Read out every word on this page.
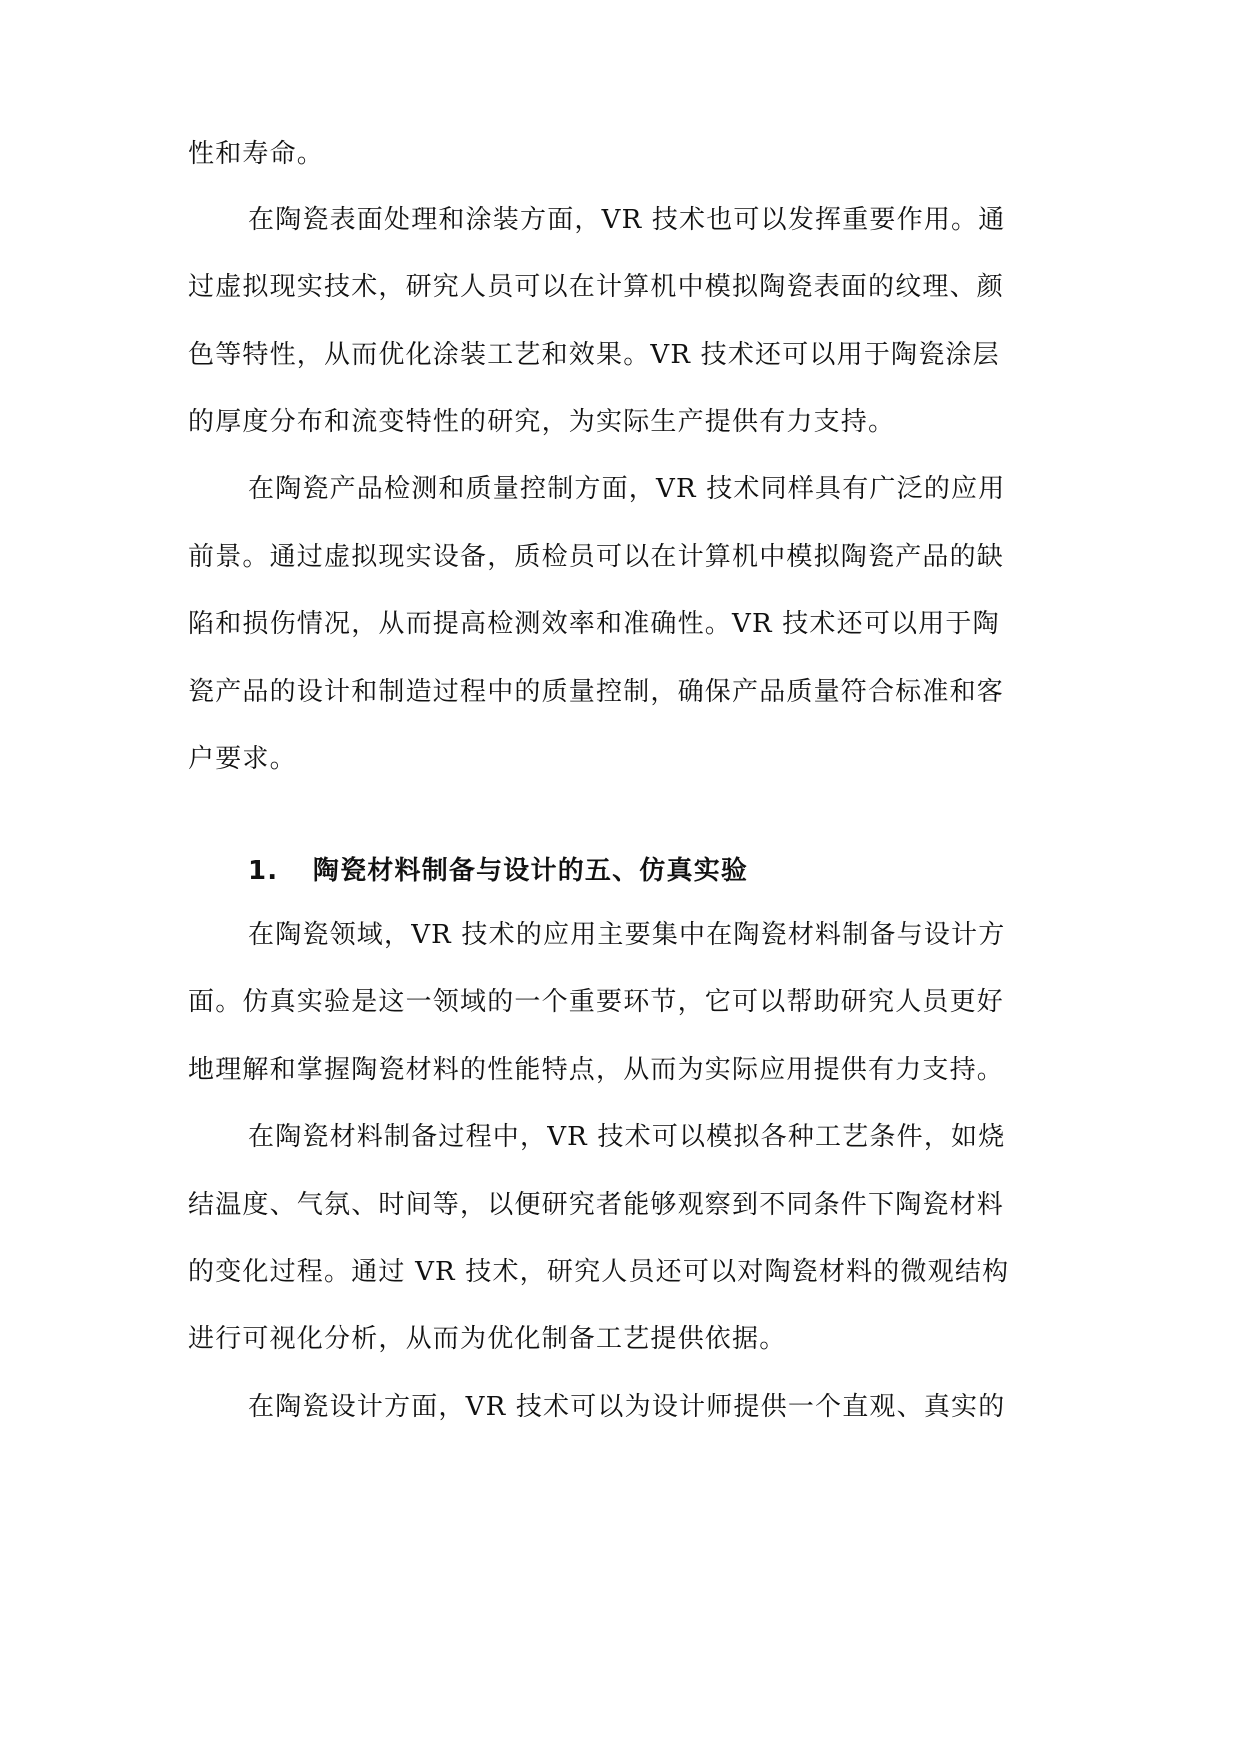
性和寿命。
在陶瓷表面处理和涂装方面，VR 技术也可以发挥重要作用。通
过虚拟现实技术，研究人员可以在计算机中模拟陶瓷表面的纹理、颜
色等特性，从而优化涂装工艺和效果。VR 技术还可以用于陶瓷涂层
的厚度分布和流变特性的研究，为实际生产提供有力支持。
在陶瓷产品检测和质量控制方面，VR 技术同样具有广泛的应用
前景。通过虚拟现实设备，质检员可以在计算机中模拟陶瓷产品的缺
陷和损伤情况，从而提高检测效率和准确性。VR 技术还可以用于陶
瓷产品的设计和制造过程中的质量控制，确保产品质量符合标准和客
户要求。
1. 陶瓷材料制备与设计的五、仿真实验
在陶瓷领域，VR 技术的应用主要集中在陶瓷材料制备与设计方
面。仿真实验是这一领域的一个重要环节，它可以帮助研究人员更好
地理解和掌握陶瓷材料的性能特点，从而为实际应用提供有力支持。
在陶瓷材料制备过程中，VR 技术可以模拟各种工艺条件，如烧
结温度、气氛、时间等，以便研究者能够观察到不同条件下陶瓷材料
的变化过程。通过 VR 技术，研究人员还可以对陶瓷材料的微观结构
进行可视化分析，从而为优化制备工艺提供依据。
在陶瓷设计方面，VR 技术可以为设计师提供一个直观、真实的
